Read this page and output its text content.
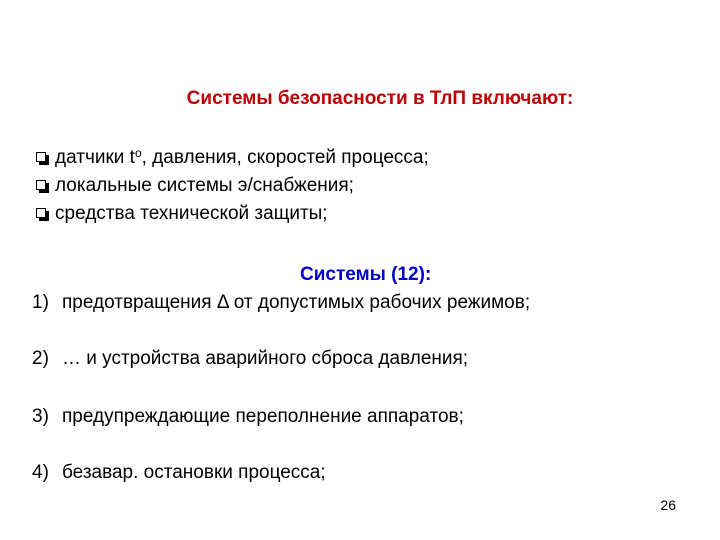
Системы безопасности в ТлП включают:
датчики $t^o$, давления, скоростей процесса;
локальные системы э/снабжения;
средства технической защиты;
Системы (12):
1) предотвращения Δ от допустимых рабочих режимов;
2) … и устройства аварийного сброса давления;
3) предупреждающие переполнение аппаратов;
4) безавар. остановки процесса;
26
